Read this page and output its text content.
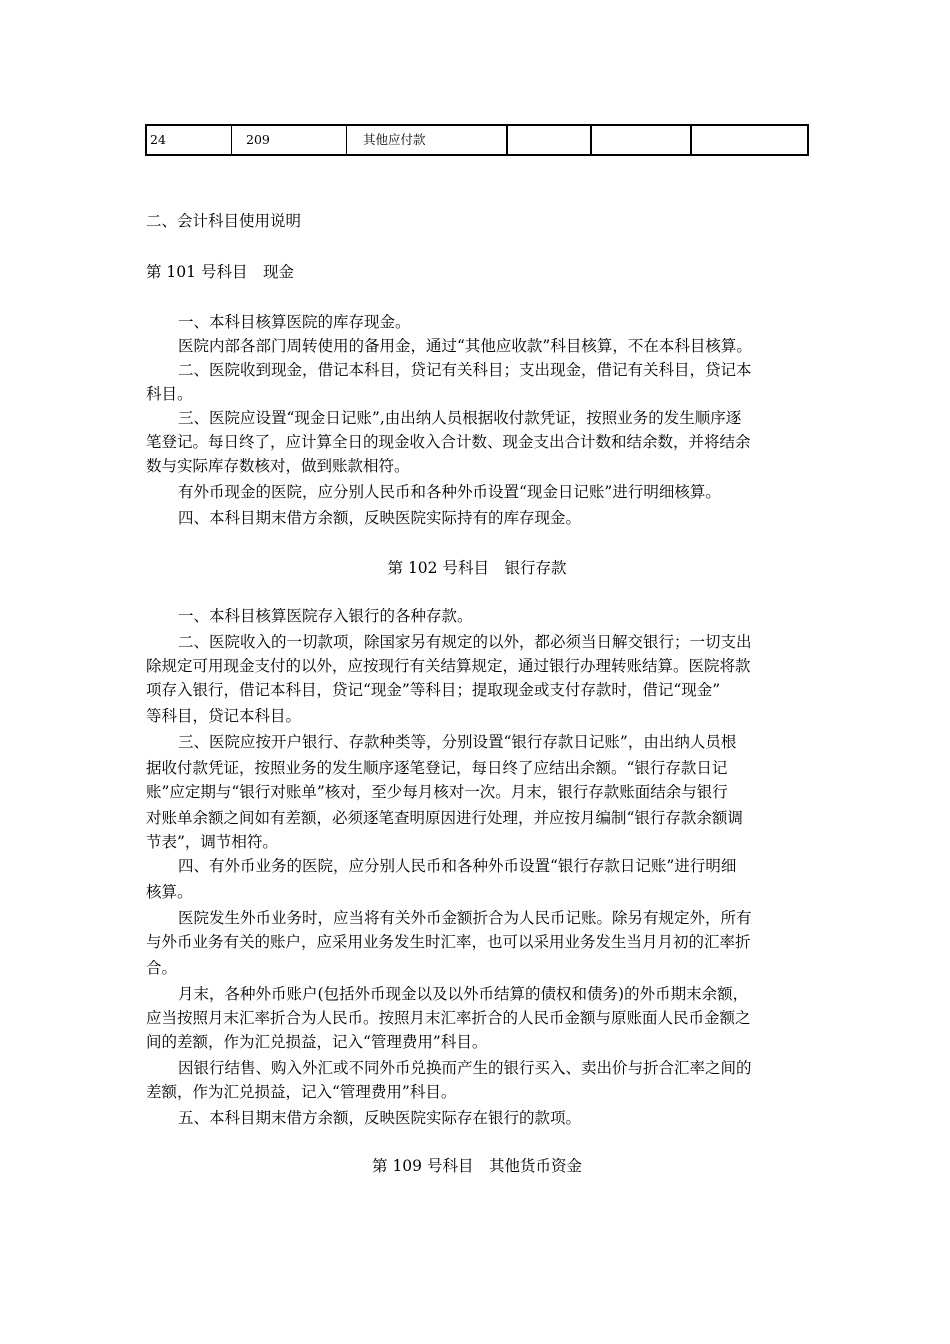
24	209	其他应付款
二、会计科目使用说明
第 101 号科目　现金
一、本科目核算医院的库存现金。
医院内部各部门周转使用的备用金，通过“其他应收款”科目核算，不在本科目核算。
二、医院收到现金，借记本科目，贷记有关科目；支出现金，借记有关科目，贷记本
科目。
三、医院应设置“现金日记账”,由出纳人员根据收付款凭证，按照业务的发生顺序逐
笔登记。每日终了，应计算全日的现金收入合计数、现金支出合计数和结余数，并将结余
数与实际库存数核对，做到账款相符。
有外币现金的医院，应分别人民币和各种外币设置“现金日记账”进行明细核算。
四、本科目期末借方余额，反映医院实际持有的库存现金。
第 102 号科目　银行存款
一、本科目核算医院存入银行的各种存款。
二、医院收入的一切款项，除国家另有规定的以外，都必须当日解交银行；一切支出
除规定可用现金支付的以外，应按现行有关结算规定，通过银行办理转账结算。医院将款
项存入银行，借记本科目，贷记“现金”等科目；提取现金或支付存款时，借记“现金”
等科目，贷记本科目。
三、医院应按开户银行、存款种类等，分别设置“银行存款日记账”，由出纳人员根
据收付款凭证，按照业务的发生顺序逐笔登记，每日终了应结出余额。“银行存款日记
账”应定期与“银行对账单”核对，至少每月核对一次。月末，银行存款账面结余与银行
对账单余额之间如有差额，必须逐笔查明原因进行处理，并应按月编制“银行存款余额调
节表”，调节相符。
四、有外币业务的医院，应分别人民币和各种外币设置“银行存款日记账”进行明细
核算。
医院发生外币业务时，应当将有关外币金额折合为人民币记账。除另有规定外，所有
与外币业务有关的账户，应采用业务发生时汇率，也可以采用业务发生当月月初的汇率折
合。
月末，各种外币账户(包括外币现金以及以外币结算的债权和债务)的外币期末余额，
应当按照月末汇率折合为人民币。按照月末汇率折合的人民币金额与原账面人民币金额之
间的差额，作为汇兑损益，记入“管理费用”科目。
因银行结售、购入外汇或不同外币兑换而产生的银行买入、卖出价与折合汇率之间的
差额，作为汇兑损益，记入“管理费用”科目。
五、本科目期末借方余额，反映医院实际存在银行的款项。
第 109 号科目　其他货币资金
